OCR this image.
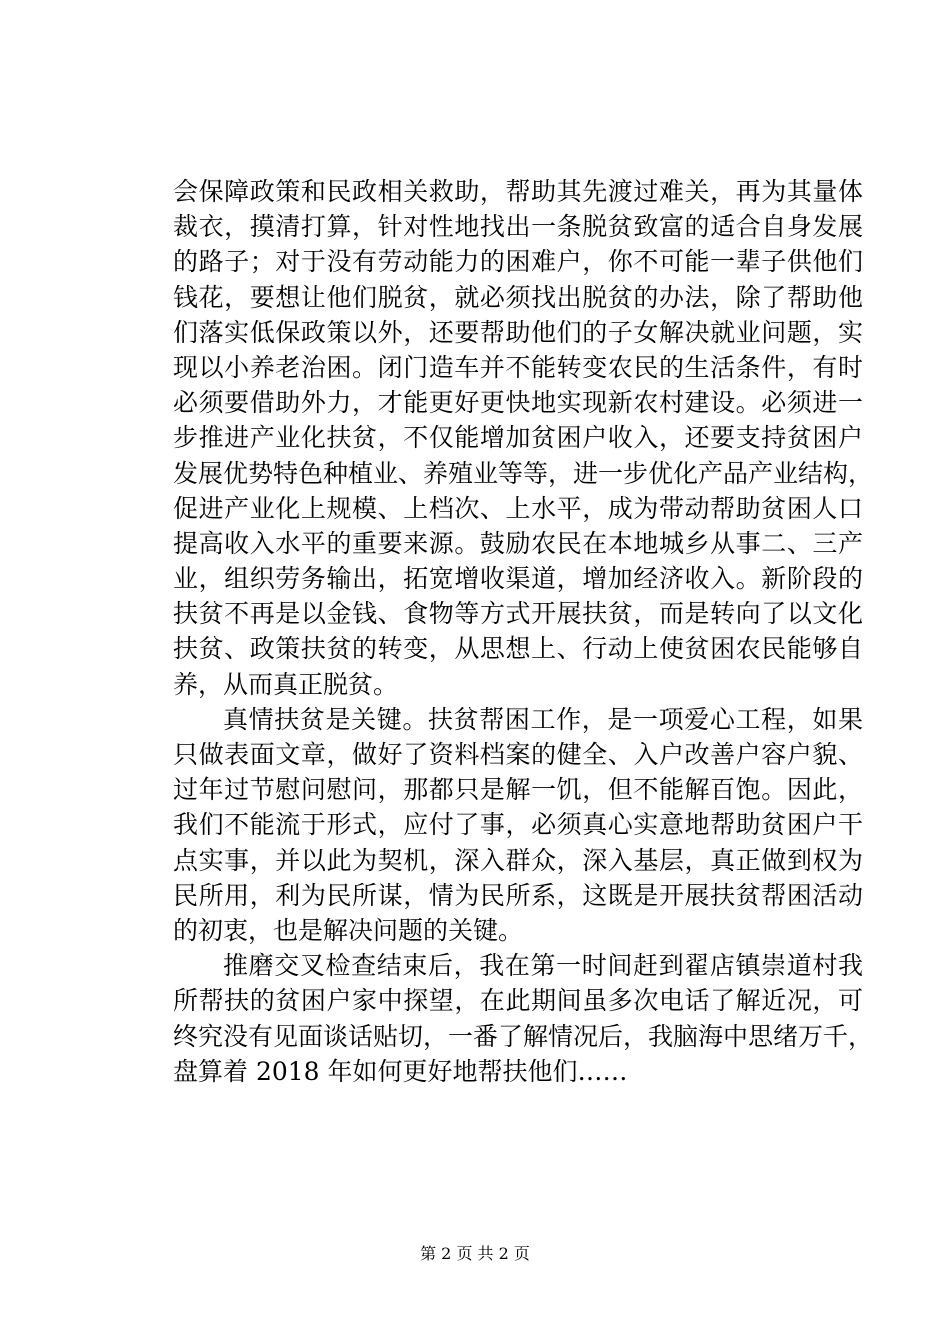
会保障政策和民政相关救助，帮助其先渡过难关，再为其量体
裁衣，摸清打算，针对性地找出一条脱贫致富的适合自身发展
的路子；对于没有劳动能力的困难户，你不可能一辈子供他们
钱花，要想让他们脱贫，就必须找出脱贫的办法，除了帮助他
们落实低保政策以外，还要帮助他们的子女解决就业问题，实
现以小养老治困。闭门造车并不能转变农民的生活条件，有时
必须要借助外力，才能更好更快地实现新农村建设。必须进一
步推进产业化扶贫，不仅能增加贫困户收入，还要支持贫困户
发展优势特色种植业、养殖业等等，进一步优化产品产业结构，
促进产业化上规模、上档次、上水平，成为带动帮助贫困人口
提高收入水平的重要来源。鼓励农民在本地城乡从事二、三产
业，组织劳务输出，拓宽增收渠道，增加经济收入。新阶段的
扶贫不再是以金钱、食物等方式开展扶贫，而是转向了以文化
扶贫、政策扶贫的转变，从思想上、行动上使贫困农民能够自
养，从而真正脱贫。
真情扶贫是关键。扶贫帮困工作，是一项爱心工程，如果
只做表面文章，做好了资料档案的健全、入户改善户容户貌、
过年过节慰问慰问，那都只是解一饥，但不能解百饱。因此，
我们不能流于形式，应付了事，必须真心实意地帮助贫困户干
点实事，并以此为契机，深入群众，深入基层，真正做到权为
民所用，利为民所谋，情为民所系，这既是开展扶贫帮困活动
的初衷，也是解决问题的关键。
推磨交叉检查结束后，我在第一时间赶到翟店镇崇道村我
所帮扶的贫困户家中探望，在此期间虽多次电话了解近况，可
终究没有见面谈话贴切，一番了解情况后，我脑海中思绪万千，
盘算着 2018 年如何更好地帮扶他们……
第 2 页 共 2 页
